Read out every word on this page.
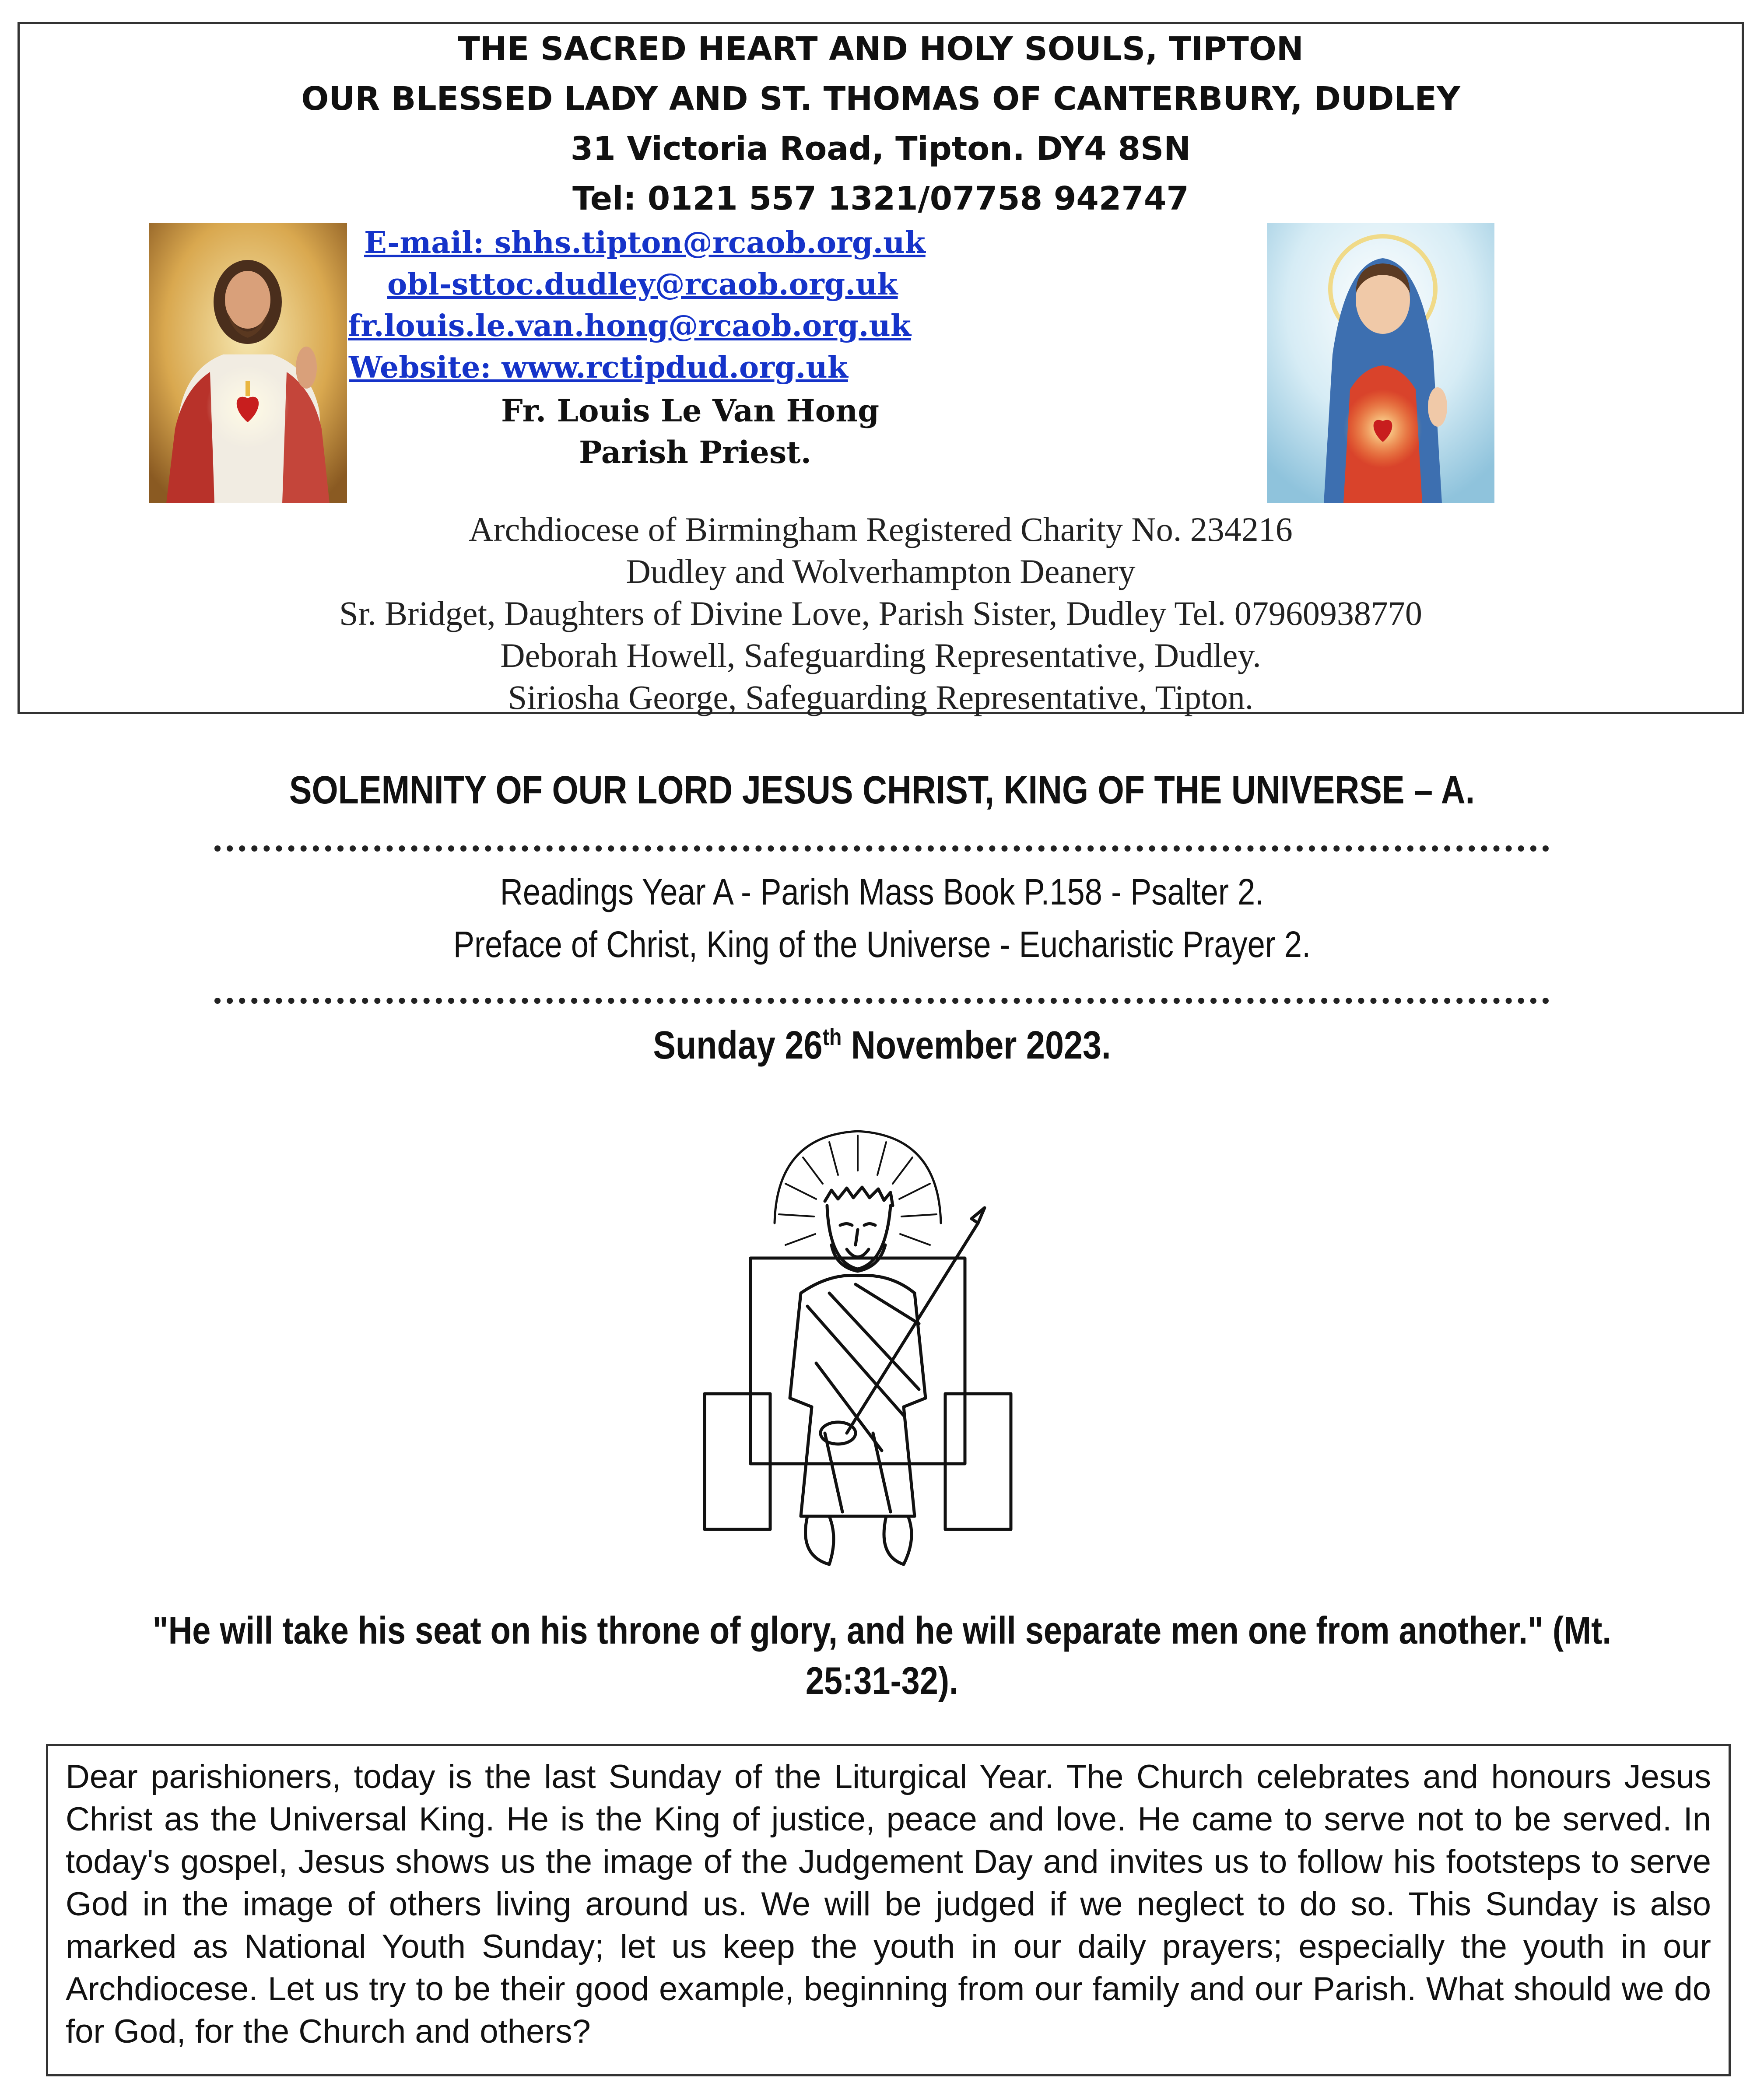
THE SACRED HEART AND HOLY SOULS, TIPTON
OUR BLESSED LADY AND ST. THOMAS OF CANTERBURY, DUDLEY
31 Victoria Road, Tipton. DY4 8SN
Tel: 0121 557 1321/07758 942747
E-mail: shhs.tipton@rcaob.org.uk
obl-sttoc.dudley@rcaob.org.uk
fr.louis.le.van.hong@rcaob.org.uk
Website: www.rctipdud.org.uk
Fr. Louis Le Van Hong
Parish Priest.
Archdiocese of Birmingham Registered Charity No. 234216
Dudley and Wolverhampton Deanery
Sr. Bridget, Daughters of Divine Love, Parish Sister, Dudley Tel. 07960938770
Deborah Howell, Safeguarding Representative, Dudley.
Siriosha George, Safeguarding Representative, Tipton.
SOLEMNITY OF OUR LORD JESUS CHRIST, KING OF THE UNIVERSE – A.
Readings Year A - Parish Mass Book P.158 - Psalter 2.
Preface of Christ, King of the Universe - Eucharistic Prayer 2.
Sunday 26th November 2023.
"He will take his seat on his throne of glory, and he will separate men one from another." (Mt.
25:31-32).
Dear parishioners, today is the last Sunday of the Liturgical Year. The Church celebrates and honours Jesus Christ as the Universal King. He is the King of justice, peace and love. He came to serve not to be served. In today's gospel, Jesus shows us the image of the Judgement Day and invites us to follow his footsteps to serve God in the image of others living around us. We will be judged if we neglect to do so. This Sunday is also marked as National Youth Sunday; let us keep the youth in our daily prayers; especially the youth in our Archdiocese. Let us try to be their good example, beginning from our family and our Parish. What should we do for God, for the Church and others?
